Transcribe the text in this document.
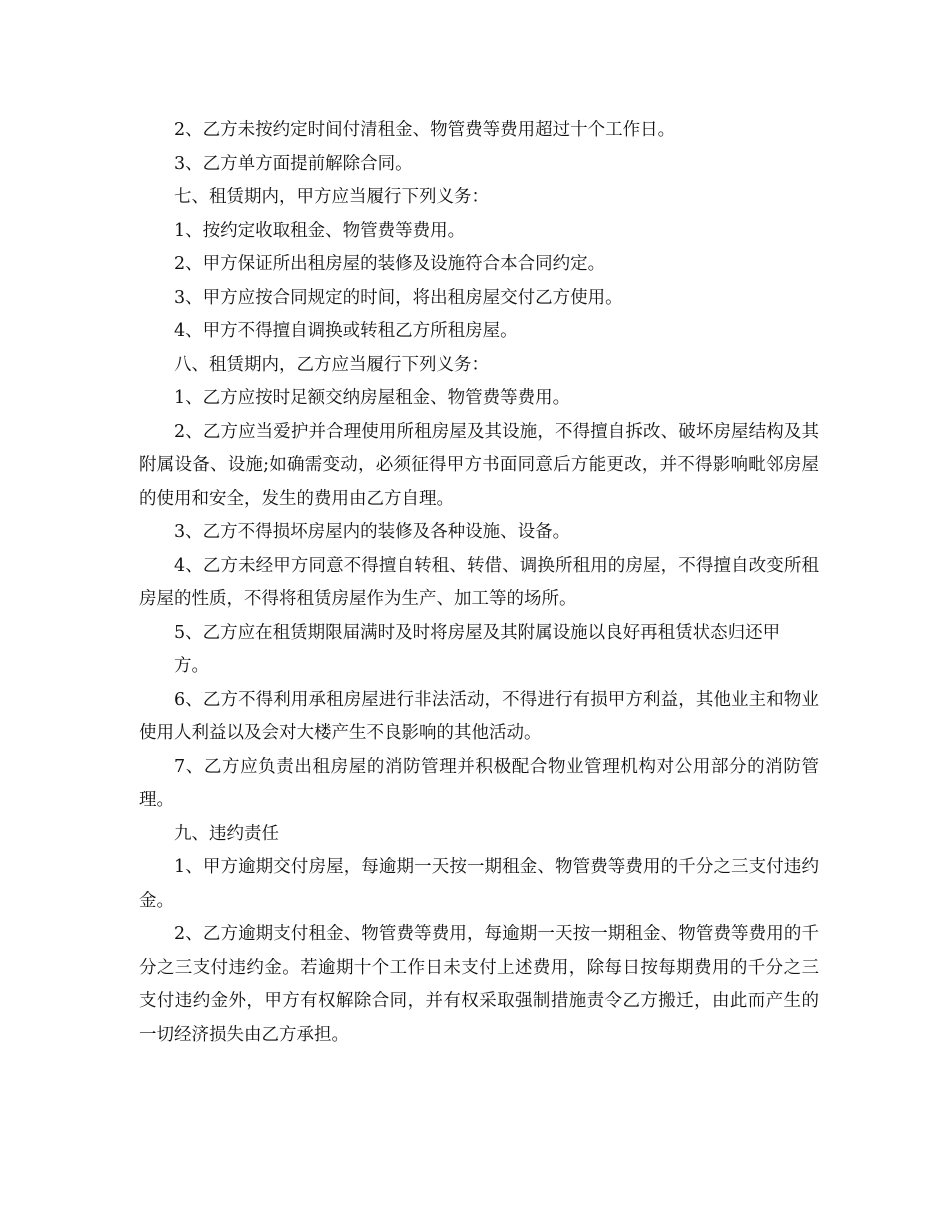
2、乙方未按约定时间付清租金、物管费等费用超过十个工作日。

3、乙方单方面提前解除合同。

七、租赁期内，甲方应当履行下列义务：

1、按约定收取租金、物管费等费用。

2、甲方保证所出租房屋的装修及设施符合本合同约定。

3、甲方应按合同规定的时间，将出租房屋交付乙方使用。

4、甲方不得擅自调换或转租乙方所租房屋。

八、租赁期内，乙方应当履行下列义务：

1、乙方应按时足额交纳房屋租金、物管费等费用。

2、乙方应当爱护并合理使用所租房屋及其设施，不得擅自拆改、破坏房屋结构及其附属设备、设施;如确需变动，必须征得甲方书面同意后方能更改，并不得影响毗邻房屋的使用和安全，发生的费用由乙方自理。

3、乙方不得损坏房屋内的装修及各种设施、设备。

4、乙方未经甲方同意不得擅自转租、转借、调换所租用的房屋，不得擅自改变所租房屋的性质，不得将租赁房屋作为生产、加工等的场所。

5、乙方应在租赁期限届满时及时将房屋及其附属设施以良好再租赁状态归还甲

方。

6、乙方不得利用承租房屋进行非法活动，不得进行有损甲方利益，其他业主和物业使用人利益以及会对大楼产生不良影响的其他活动。

7、乙方应负责出租房屋的消防管理并积极配合物业管理机构对公用部分的消防管理。

九、违约责任

1、甲方逾期交付房屋，每逾期一天按一期租金、物管费等费用的千分之三支付违约金。

2、乙方逾期支付租金、物管费等费用，每逾期一天按一期租金、物管费等费用的千分之三支付违约金。若逾期十个工作日未支付上述费用，除每日按每期费用的千分之三支付违约金外，甲方有权解除合同，并有权采取强制措施责令乙方搬迁，由此而产生的一切经济损失由乙方承担。
